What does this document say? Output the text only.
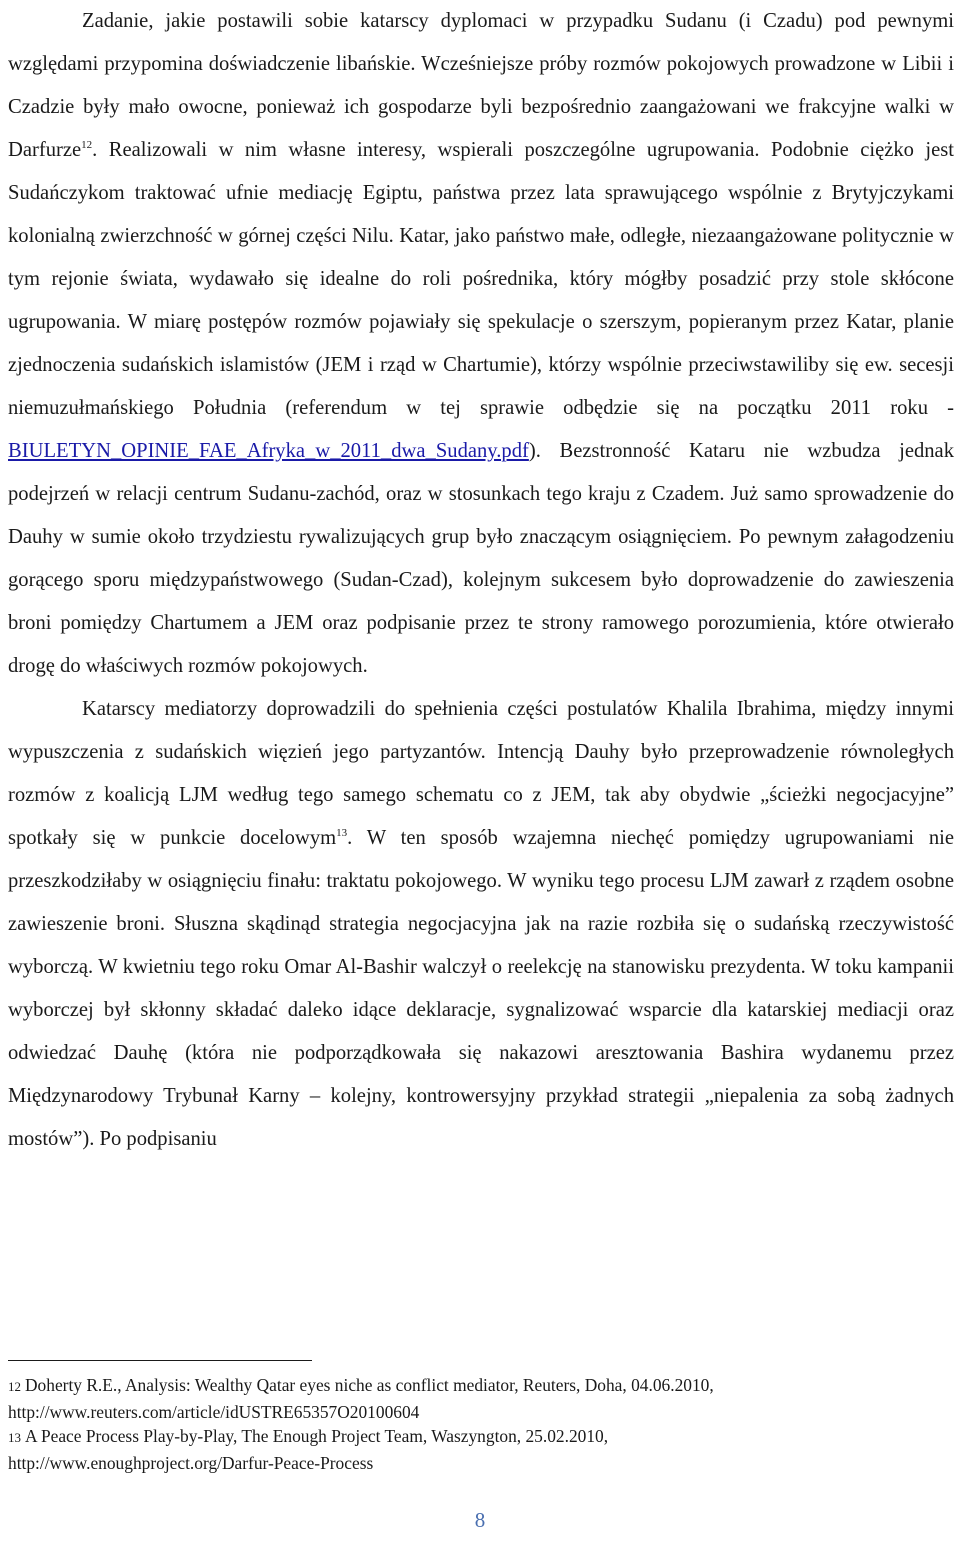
Zadanie, jakie postawili sobie katarscy dyplomaci w przypadku Sudanu (i Czadu) pod pewnymi względami przypomina doświadczenie libańskie. Wcześniejsze próby rozmów pokojowych prowadzone w Libii i Czadzie były mało owocne, ponieważ ich gospodarze byli bezpośrednio zaangażowani we frakcyjne walki w Darfurze$^{12}$. Realizowali w nim własne interesy, wspierali poszczególne ugrupowania. Podobnie ciężko jest Sudańczykom traktować ufnie mediację Egiptu, państwa przez lata sprawującego wspólnie z Brytyjczykami kolonialną zwierzchność w górnej części Nilu. Katar, jako państwo małe, odległe, niezaangażowane politycznie w tym rejonie świata, wydawało się idealne do roli pośrednika, który mógłby posadzić przy stole skłócone ugrupowania. W miarę postępów rozmów pojawiały się spekulacje o szerszym, popieranym przez Katar, planie zjednoczenia sudańskich islamistów (JEM i rząd w Chartumie), którzy wspólnie przeciwstawiliby się ew. secesji niemuzułmańskiego Południa (referendum w tej sprawie odbędzie się na początku 2011 roku - BIULETYN_OPINIE_FAE_Afryka_w_2011_dwa_Sudany.pdf). Bezstronność Kataru nie wzbudza jednak podejrzeń w relacji centrum Sudanu-zachód, oraz w stosunkach tego kraju z Czadem. Już samo sprowadzenie do Dauhy w sumie około trzydziestu rywalizujących grup było znaczącym osiągnięciem. Po pewnym załagodzeniu gorącego sporu międzypaństwowego (Sudan-Czad), kolejnym sukcesem było doprowadzenie do zawieszenia broni pomiędzy Chartumem a JEM oraz podpisanie przez te strony ramowego porozumienia, które otwierało drogę do właściwych rozmów pokojowych.

Katarscy mediatorzy doprowadzili do spełnienia części postulatów Khalila Ibrahima, między innymi wypuszczenia z sudańskich więzień jego partyzantów. Intencją Dauhy było przeprowadzenie równoległych rozmów z koalicją LJM według tego samego schematu co z JEM, tak aby obydwie „ścieżki negocjacyjne” spotkały się w punkcie docelowym$^{13}$. W ten sposób wzajemna niechęć pomiędzy ugrupowaniami nie przeszkodziłaby w osiągnięciu finału: traktatu pokojowego. W wyniku tego procesu LJM zawarł z rządem osobne zawieszenie broni. Słuszna skądinąd strategia negocjacyjna jak na razie rozbiła się o sudańską rzeczywistość wyborczą. W kwietniu tego roku Omar Al-Bashir walczył o reelekcję na stanowisku prezydenta. W toku kampanii wyborczej był skłonny składać daleko idące deklaracje, sygnalizować wsparcie dla katarskiej mediacji oraz odwiedzać Dauhę (która nie podporządkowała się nakazowi aresztowania Bashira wydanemu przez Międzynarodowy Trybunał Karny – kolejny, kontrowersyjny przykład strategii „niepalenia za sobą żadnych mostów”). Po podpisaniu

12 Doherty R.E., Analysis: Wealthy Qatar eyes niche as conflict mediator, Reuters, Doha, 04.06.2010,
http://www.reuters.com/article/idUSTRE65357O20100604

13 A Peace Process Play-by-Play, The Enough Project Team, Waszyngton, 25.02.2010,
http://www.enoughproject.org/Darfur-Peace-Process

8
